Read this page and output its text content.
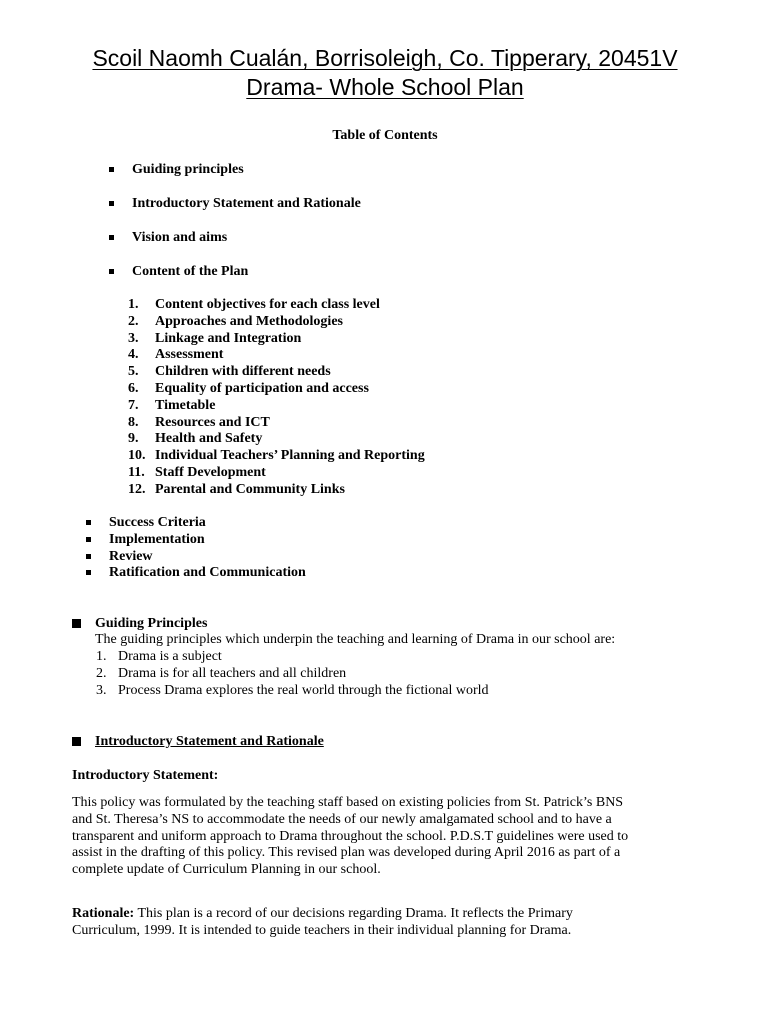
Scoil Naomh Cualán, Borrisoleigh, Co. Tipperary, 20451V
Drama- Whole School Plan
Table of Contents
Guiding principles
Introductory Statement and Rationale
Vision and aims
Content of the Plan
1. Content objectives for each class level
2. Approaches and Methodologies
3. Linkage and Integration
4. Assessment
5. Children with different needs
6. Equality of participation and access
7. Timetable
8. Resources and ICT
9. Health and Safety
10. Individual Teachers’ Planning and Reporting
11. Staff Development
12. Parental and Community Links
Success Criteria
Implementation
Review
Ratification and Communication
Guiding Principles
The guiding principles which underpin the teaching and learning of Drama in our school are:
1. Drama is a subject
2. Drama is for all teachers and all children
3. Process Drama explores the real world through the fictional world
Introductory Statement and Rationale
Introductory Statement:
This policy was formulated by the teaching staff based on existing policies from St. Patrick’s BNS
and St. Theresa’s NS to accommodate the needs of our newly amalgamated school and to have a
transparent and uniform approach to Drama throughout the school. P.D.S.T guidelines were used to
assist in the drafting of this policy. This revised plan was developed during April 2016 as part of a
complete update of Curriculum Planning in our school.
Rationale: This plan is a record of our decisions regarding Drama. It reflects the Primary
Curriculum, 1999. It is intended to guide teachers in their individual planning for Drama.
